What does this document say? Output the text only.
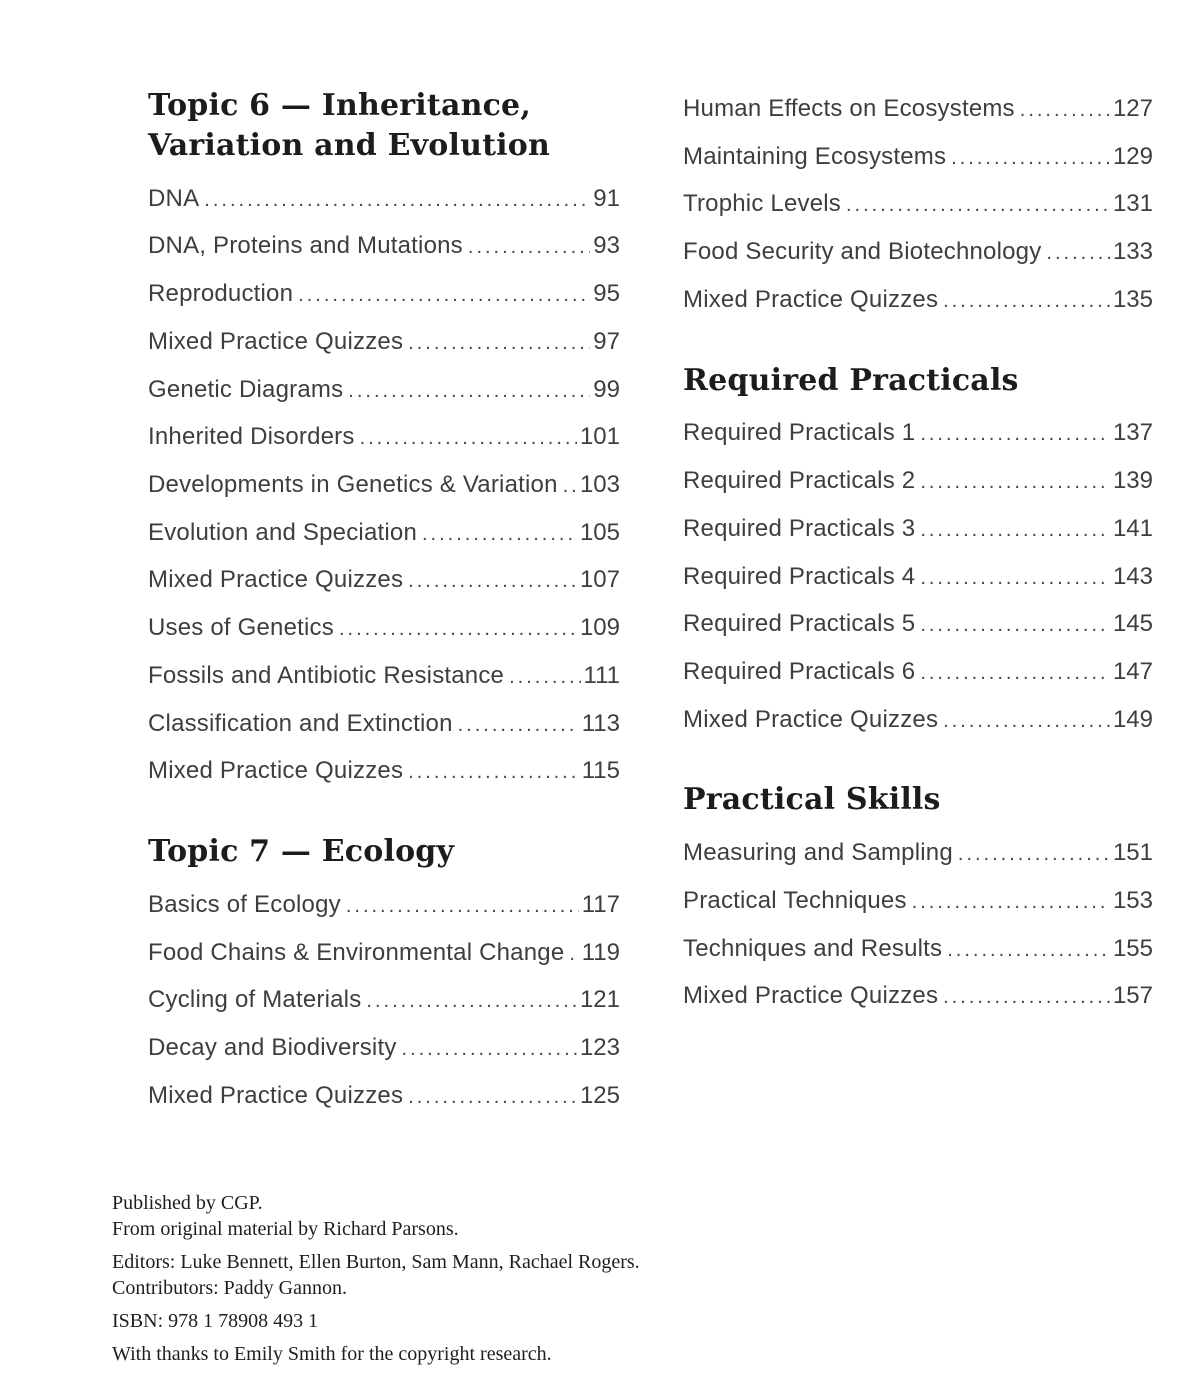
Topic 6 — Inheritance, Variation and Evolution
DNA .....	91
DNA, Proteins and Mutations .....	93
Reproduction .....	95
Mixed Practice Quizzes .....	97
Genetic Diagrams .....	99
Inherited Disorders .....	101
Developments in Genetics & Variation ..... 103
Evolution and Speciation .....	105
Mixed Practice Quizzes .....	107
Uses of Genetics .....	109
Fossils and Antibiotic Resistance .....	111
Classification and Extinction .....	113
Mixed Practice Quizzes .....	115
Topic 7 — Ecology
Basics of Ecology .....	117
Food Chains & Environmental Change ..... 119
Cycling of Materials .....	121
Decay and Biodiversity .....	123
Mixed Practice Quizzes .....	125
Human Effects on Ecosystems .....	127
Maintaining Ecosystems .....	129
Trophic Levels .....	131
Food Security and Biotechnology .....	133
Mixed Practice Quizzes .....	135
Required Practicals
Required Practicals 1 .....	137
Required Practicals 2 .....	139
Required Practicals 3 .....	141
Required Practicals 4 .....	143
Required Practicals 5 .....	145
Required Practicals 6 .....	147
Mixed Practice Quizzes .....	149
Practical Skills
Measuring and Sampling .....	151
Practical Techniques .....	153
Techniques and Results .....	155
Mixed Practice Quizzes .....	157

Published by CGP.
From original material by Richard Parsons.

Editors: Luke Bennett, Ellen Burton, Sam Mann, Rachael Rogers.
Contributors: Paddy Gannon.

ISBN: 978 1 78908 493 1

With thanks to Emily Smith for the copyright research.
